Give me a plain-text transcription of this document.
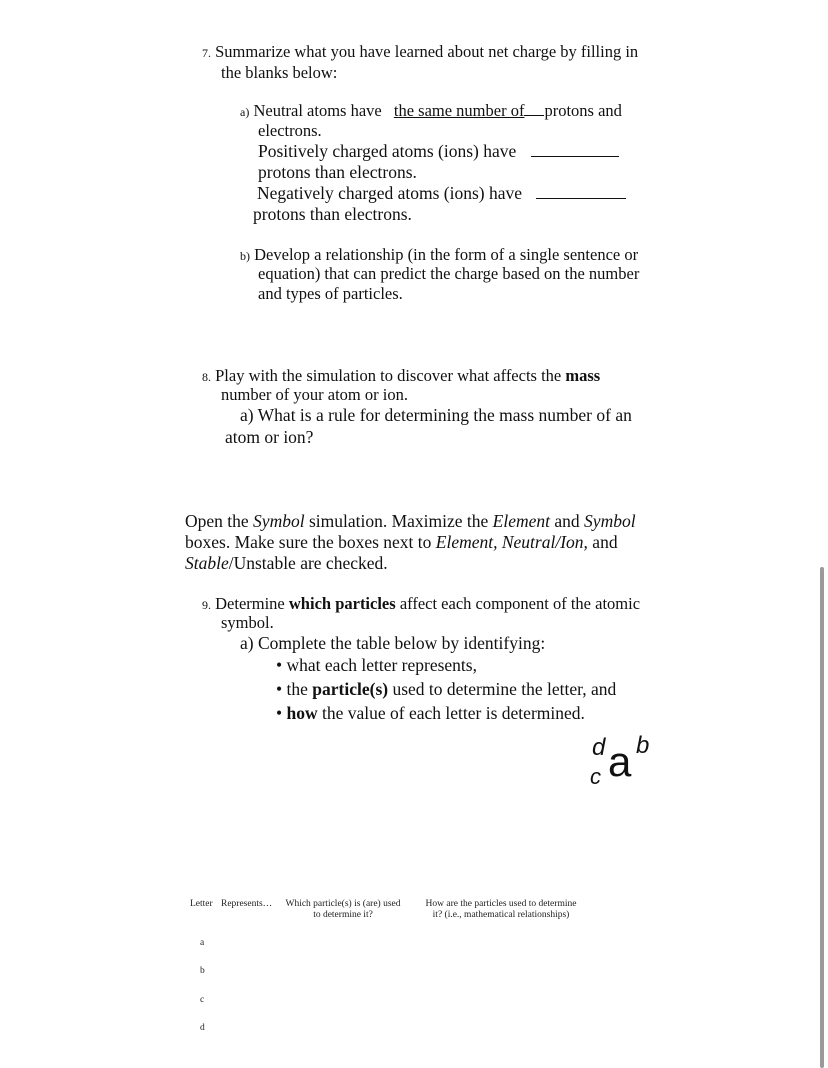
7. Summarize what you have learned about net charge by filling in
the blanks below:
a) Neutral atoms have the same number of protons and
electrons.
Positively charged atoms (ions) have
protons than electrons.
Negatively charged atoms (ions) have
protons than electrons.
b) Develop a relationship (in the form of a single sentence or
equation) that can predict the charge based on the number
and types of particles.
8. Play with the simulation to discover what affects the mass
number of your atom or ion.
a) What is a rule for determining the mass number of an
atom or ion?
Open the Symbol simulation. Maximize the Element and Symbol
boxes. Make sure the boxes next to Element, Neutral/Ion, and
Stable/Unstable are checked.
9. Determine which particles affect each component of the atomic
symbol.
a) Complete the table below by identifying:
• what each letter represents,
• the particle(s) used to determine the letter, and
• how the value of each letter is determined.
d b
c a
Letter Represents…	Which particle(s) is (are) used
to determine it?
How are the particles used to determine
it? (i.e., mathematical relationships)
a
b
c
d
